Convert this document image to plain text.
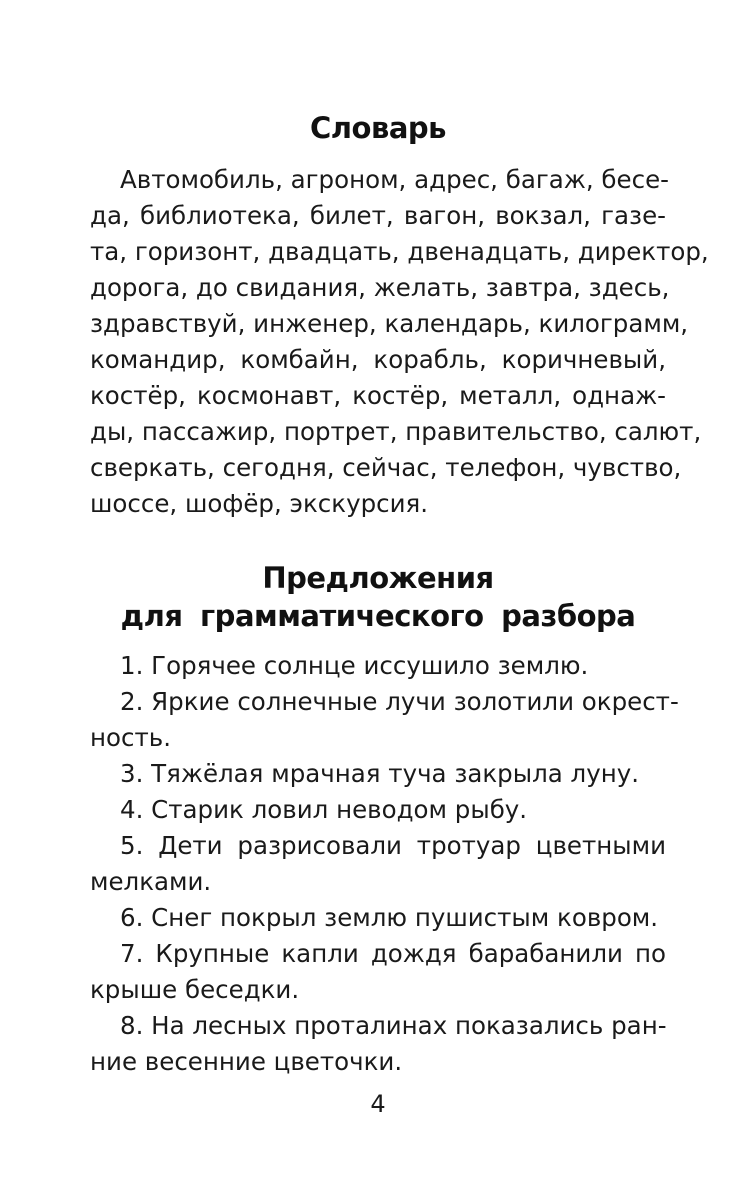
Словарь
Автомобиль, агроном, адрес, багаж, бесе-
да, библиотека, билет, вагон, вокзал, газе-
та, горизонт, двадцать, двенадцать, директор,
дорога, до свидания, желать, завтра, здесь,
здравствуй, инженер, календарь, килограмм,
командир, комбайн, корабль, коричневый,
костёр, космонавт, костёр, металл, однаж-
ды, пассажир, портрет, правительство, салют,
сверкать, сегодня, сейчас, телефон, чувство,
шоссе, шофёр, экскурсия.
Предложения
для грамматического разбора
1. Горячее солнце иссушило землю.
2. Яркие солнечные лучи золотили окрест-
ность.
3. Тяжёлая мрачная туча закрыла луну.
4. Старик ловил неводом рыбу.
5. Дети разрисовали тротуар цветными
мелками.
6. Снег покрыл землю пушистым ковром.
7. Крупные капли дождя барабанили по
крыше беседки.
8. На лесных проталинах показались ран-
ние весенние цветочки.
4
